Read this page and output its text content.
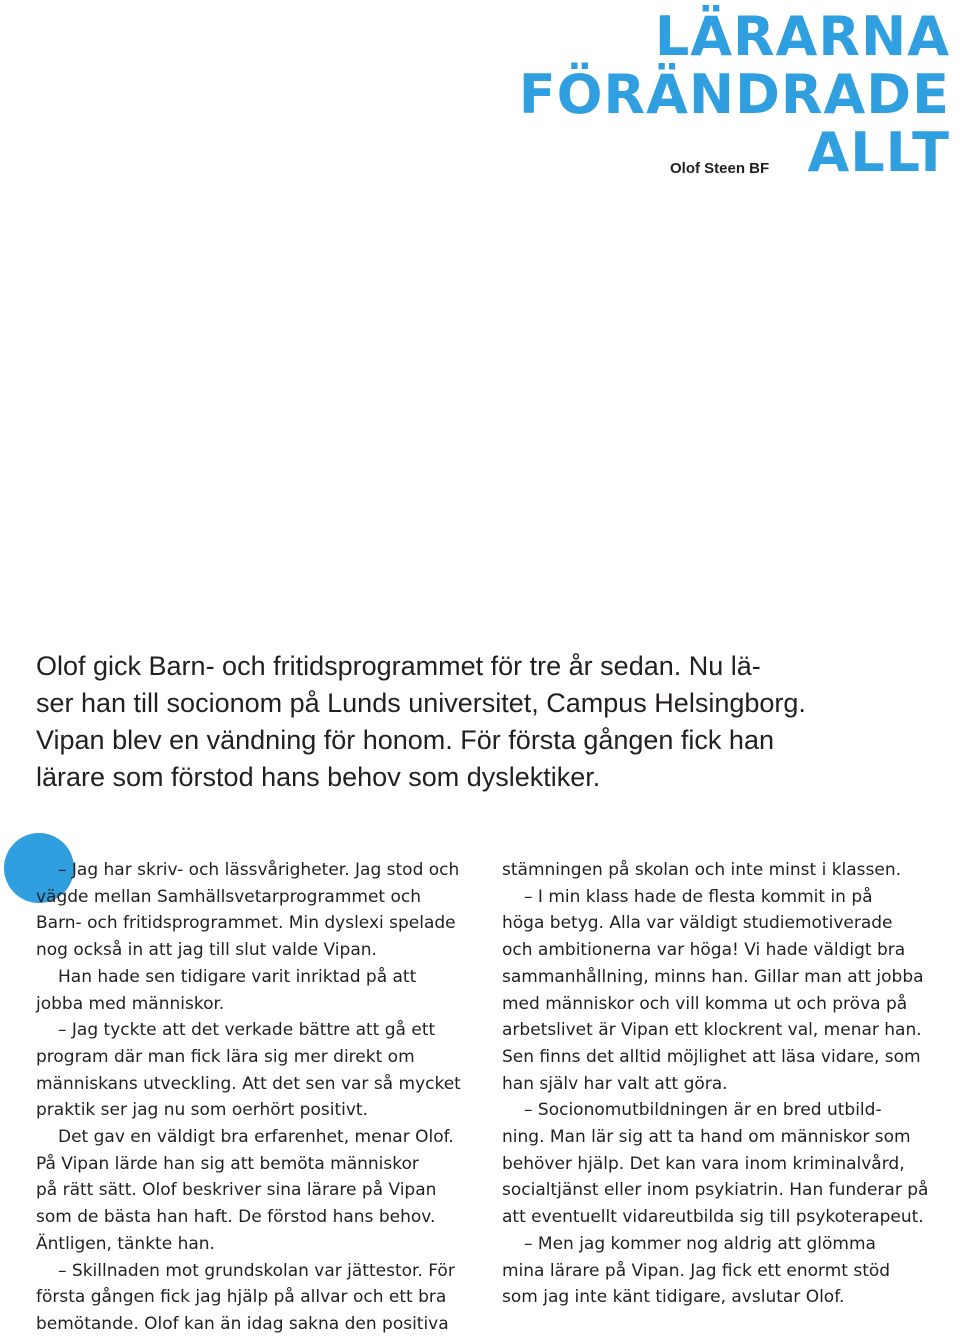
LÄRARNA
FÖRÄNDRADE
ALLT
Olof Steen BF

Olof gick Barn- och fritidsprogrammet för tre år sedan. Nu lä-
ser han till socionom på Lunds universitet, Campus Helsingborg.
Vipan blev en vändning för honom. För första gången fick han
lärare som förstod hans behov som dyslektiker.

– Jag har skriv- och lässvårigheter. Jag stod och
vägde mellan Samhällsvetarprogrammet och
Barn- och fritidsprogrammet. Min dyslexi spelade
nog också in att jag till slut valde Vipan.
Han hade sen tidigare varit inriktad på att
jobba med människor.
– Jag tyckte att det verkade bättre att gå ett
program där man fick lära sig mer direkt om
människans utveckling. Att det sen var så mycket
praktik ser jag nu som oerhört positivt.
Det gav en väldigt bra erfarenhet, menar Olof.
På Vipan lärde han sig att bemöta människor
på rätt sätt. Olof beskriver sina lärare på Vipan
som de bästa han haft. De förstod hans behov.
Äntligen, tänkte han.
– Skillnaden mot grundskolan var jättestor. För
första gången fick jag hjälp på allvar och ett bra
bemötande. Olof kan än idag sakna den positiva
stämningen på skolan och inte minst i klassen.
– I min klass hade de flesta kommit in på
höga betyg. Alla var väldigt studiemotiverade
och ambitionerna var höga! Vi hade väldigt bra
sammanhållning, minns han. Gillar man att jobba
med människor och vill komma ut och pröva på
arbetslivet är Vipan ett klockrent val, menar han.
Sen finns det alltid möjlighet att läsa vidare, som
han själv har valt att göra.
– Socionomutbildningen är en bred utbild-
ning. Man lär sig att ta hand om människor som
behöver hjälp. Det kan vara inom kriminalvård,
socialtjänst eller inom psykiatrin. Han funderar på
att eventuellt vidareutbilda sig till psykoterapeut.
– Men jag kommer nog aldrig att glömma
mina lärare på Vipan. Jag fick ett enormt stöd
som jag inte känt tidigare, avslutar Olof.
